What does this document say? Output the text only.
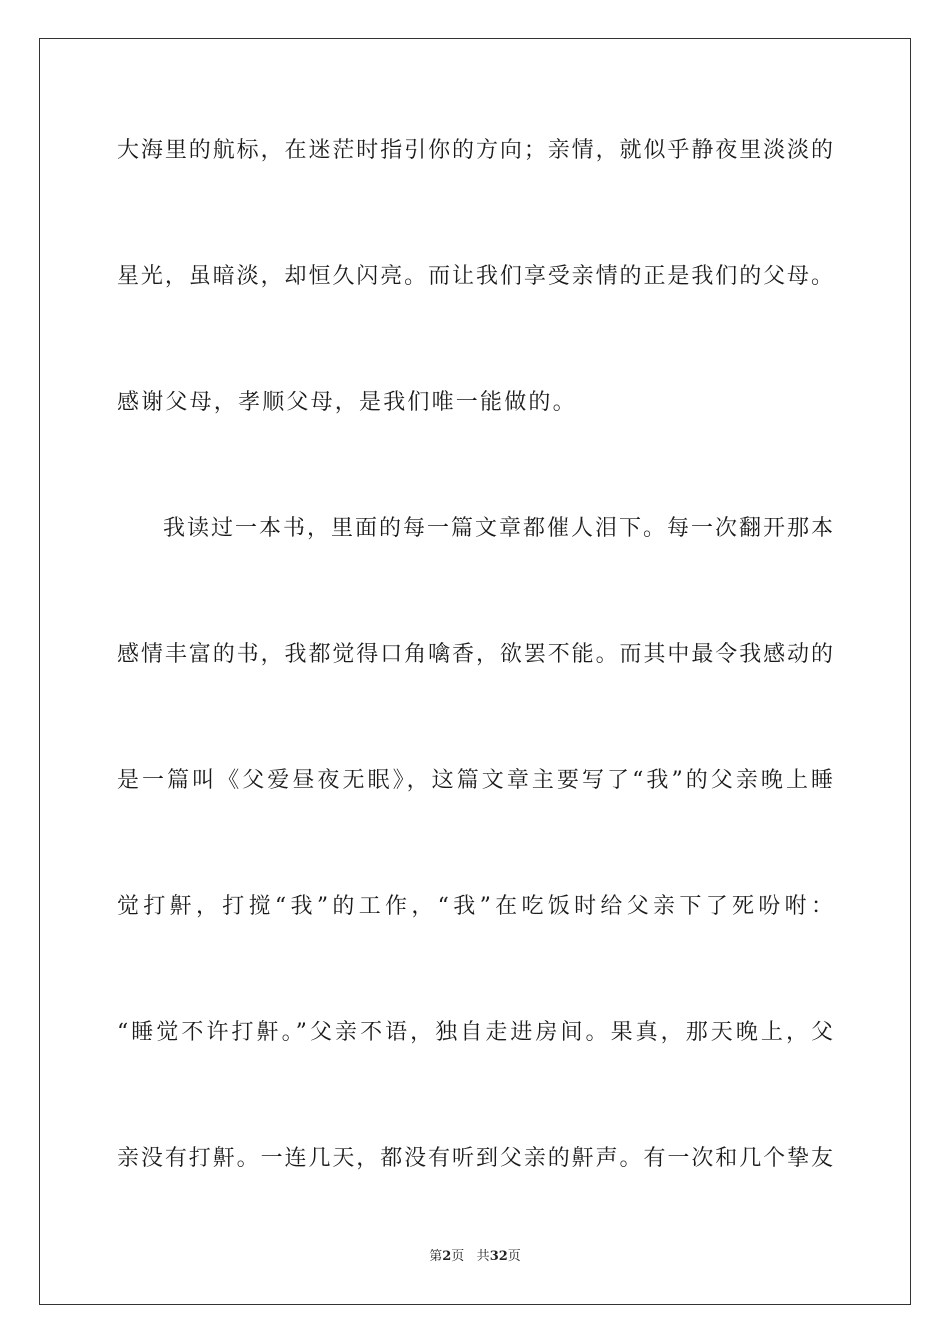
大海里的航标，在迷茫时指引你的方向；亲情，就似乎静夜里淡淡的
星光，虽暗淡，却恒久闪亮。而让我们享受亲情的正是我们的父母。
感谢父母，孝顺父母，是我们唯一能做的。
我读过一本书，里面的每一篇文章都催人泪下。每一次翻开那本
感情丰富的书，我都觉得口角噙香，欲罢不能。而其中最令我感动的
是一篇叫《父爱昼夜无眠》，这篇文章主要写了“我”的父亲晚上睡
觉打鼾，打搅“我”的工作，“我”在吃饭时给父亲下了死吩咐：
“睡觉不许打鼾。”父亲不语，独自走进房间。果真，那天晚上，父
亲没有打鼾。一连几天，都没有听到父亲的鼾声。有一次和几个挚友
第2页 共32页
